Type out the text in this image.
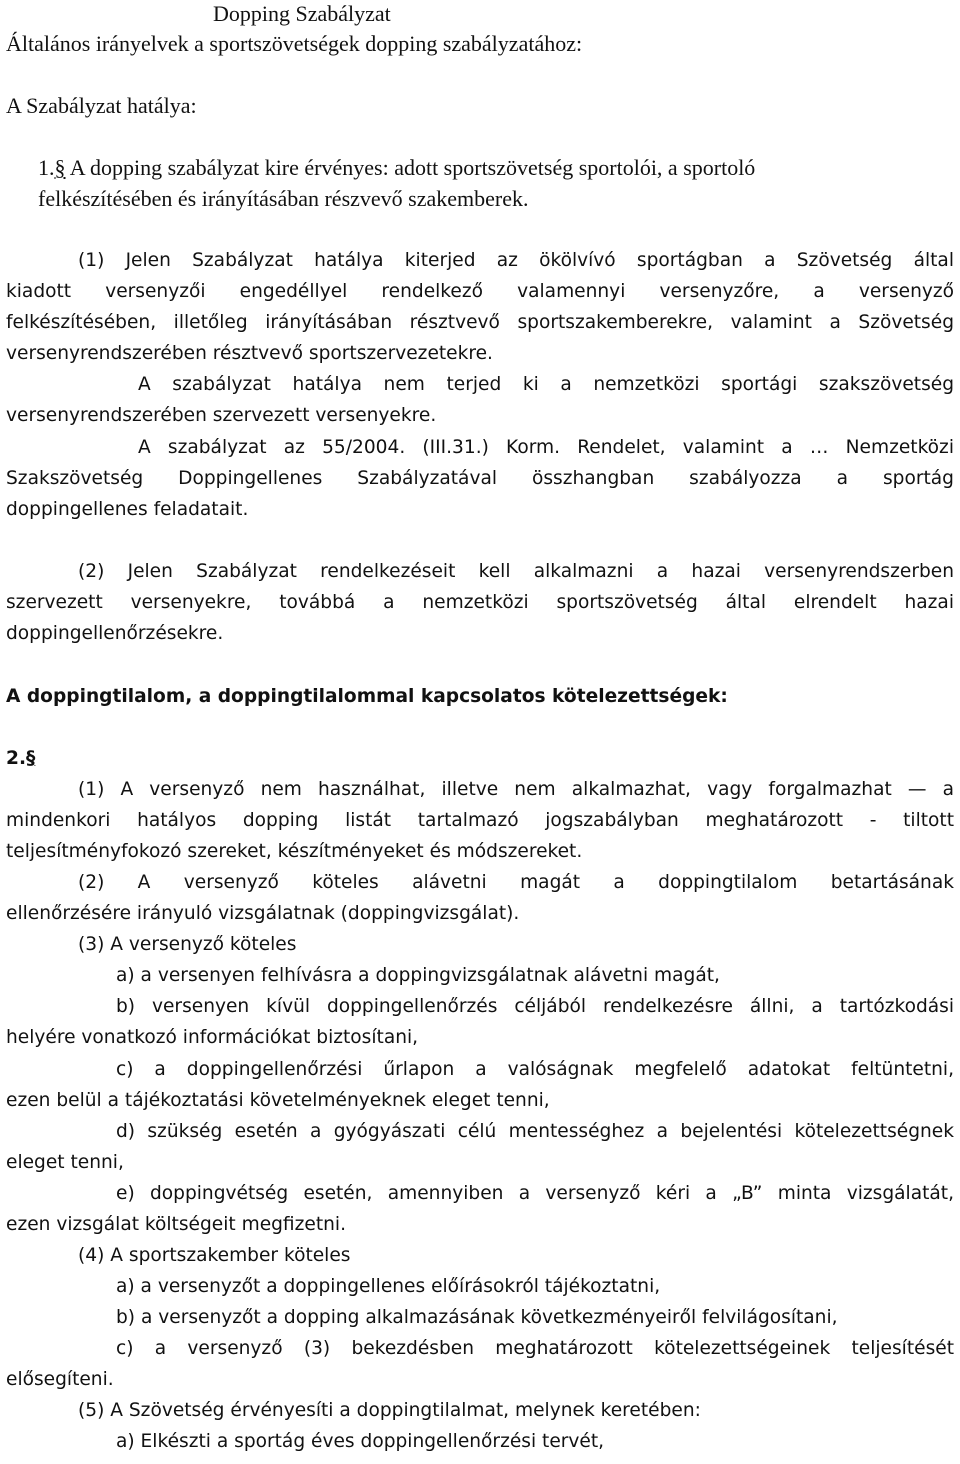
Dopping Szabályzat
Általános irányelvek a sportszövetségek dopping szabályzatához:
A Szabályzat hatálya:
1.§ A dopping szabályzat kire érvényes: adott sportszövetség sportolói, a sportoló
felkészítésében és irányításában részvevő szakemberek.
(1) Jelen Szabályzat hatálya kiterjed az ökölvívó sportágban a Szövetség által
kiadott versenyzői engedéllyel rendelkező valamennyi versenyzőre, a versenyző
felkészítésében, illetőleg irányításában résztvevő sportszakemberekre, valamint a Szövetség
versenyrendszerében résztvevő sportszervezetekre.
A szabályzat hatálya nem terjed ki a nemzetközi sportági szakszövetség
versenyrendszerében szervezett versenyekre.
A szabályzat az 55/2004. (III.31.) Korm. Rendelet, valamint a … Nemzetközi
Szakszövetség Doppingellenes Szabályzatával összhangban szabályozza a sportág
doppingellenes feladatait.
(2) Jelen Szabályzat rendelkezéseit kell alkalmazni a hazai versenyrendszerben
szervezett versenyekre, továbbá a nemzetközi sportszövetség által elrendelt hazai
doppingellenőrzésekre.
A doppingtilalom, a doppingtilalommal kapcsolatos kötelezettségek:
2.§
(1) A versenyző nem használhat, illetve nem alkalmazhat, vagy forgalmazhat — a
mindenkori hatályos dopping listát tartalmazó jogszabályban meghatározott - tiltott
teljesítményfokozó szereket, készítményeket és módszereket.
(2) A versenyző köteles alávetni magát a doppingtilalom betartásának
ellenőrzésére irányuló vizsgálatnak (doppingvizsgálat).
(3) A versenyző köteles
a) a versenyen felhívásra a doppingvizsgálatnak alávetni magát,
b) versenyen kívül doppingellenőrzés céljából rendelkezésre állni, a tartózkodási
helyére vonatkozó információkat biztosítani,
c) a doppingellenőrzési űrlapon a valóságnak megfelelő adatokat feltüntetni,
ezen belül a tájékoztatási követelményeknek eleget tenni,
d) szükség esetén a gyógyászati célú mentességhez a bejelentési kötelezettségnek
eleget tenni,
e) doppingvétség esetén, amennyiben a versenyző kéri a „B” minta vizsgálatát,
ezen vizsgálat költségeit megfizetni.
(4) A sportszakember köteles
a) a versenyzőt a doppingellenes előírásokról tájékoztatni,
b) a versenyzőt a dopping alkalmazásának következményeiről felvilágosítani,
c) a versenyző (3) bekezdésben meghatározott kötelezettségeinek teljesítését
elősegíteni.
(5) A Szövetség érvényesíti a doppingtilalmat, melynek keretében:
a) Elkészti a sportág éves doppingellenőrzési tervét,
